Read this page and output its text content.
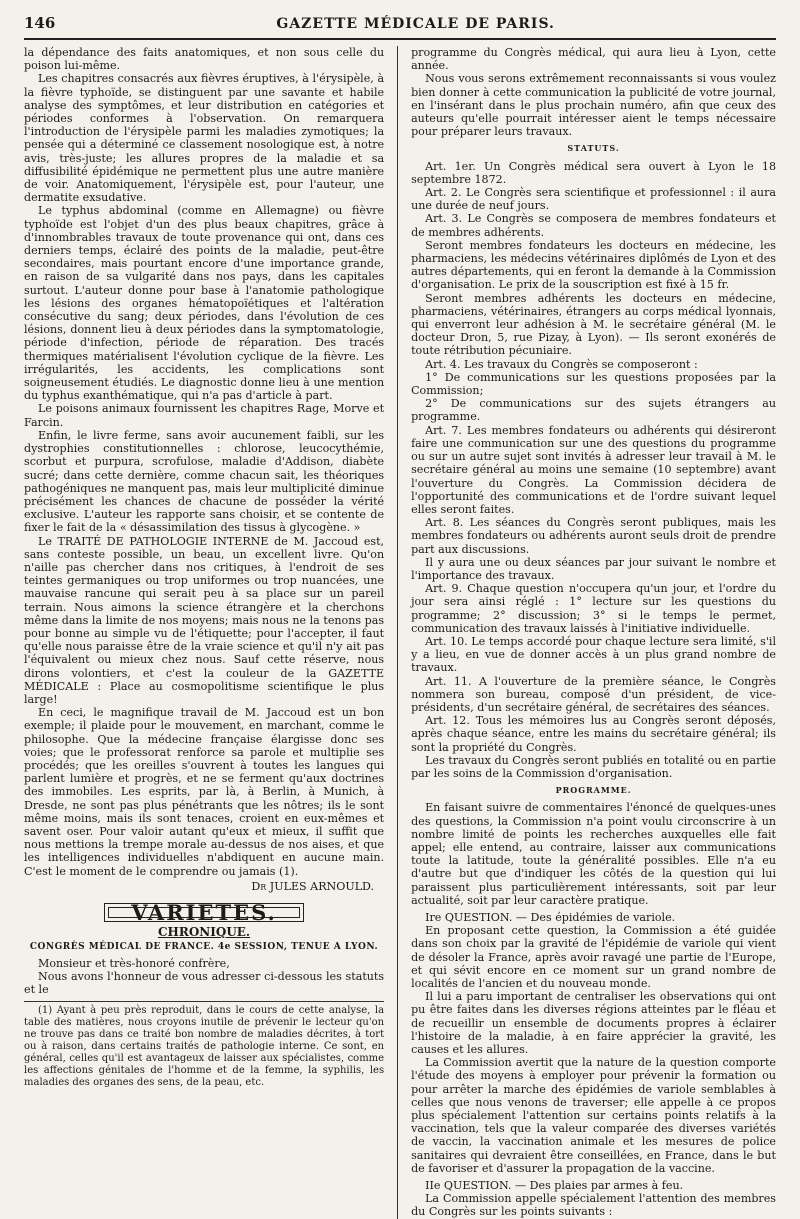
146	GAZETTE MÉDICALE DE PARIS.

la dépendance des faits anatomiques, et non sous celle du poison lui-même.

Les chapitres consacrés aux fièvres éruptives, à l'érysipèle, à la fièvre typhoïde, se distinguent par une savante et habile analyse des symptômes, et leur distribution en catégories et périodes conformes à l'observation. On remarquera l'introduction de l'érysipèle parmi les maladies zymotiques; la pensée qui a déterminé ce classement nosologique est, à notre avis, très-juste; les allures propres de la maladie et sa diffusibilité épidémique ne permettent plus une autre manière de voir. Anatomiquement, l'érysipèle est, pour l'auteur, une dermatite exsudative.

Le typhus abdominal (comme en Allemagne) ou fièvre typhoïde est l'objet d'un des plus beaux chapitres, grâce à d'innombrables travaux de toute provenance qui ont, dans ces derniers temps, éclairé des points de la maladie, peut-être secondaires, mais pourtant encore d'une importance grande, en raison de sa vulgarité dans nos pays, dans les capitales surtout. L'auteur donne pour base à l'anatomie pathologique les lésions des organes hématopoïétiques et l'altération consécutive du sang; deux périodes, dans l'évolution de ces lésions, donnent lieu à deux périodes dans la symptomatologie, période d'infection, période de réparation. Des tracés thermiques matérialisent l'évolution cyclique de la fièvre. Les irrégularités, les accidents, les complications sont soigneusement étudiés. Le diagnostic donne lieu à une mention du typhus exanthématique, qui n'a pas d'article à part.

Le poisons animaux fournissent les chapitres Rage, Morve et Farcin.

Enfin, le livre ferme, sans avoir aucunement faibli, sur les dystrophies constitutionnelles : chlorose, leucocythémie, scorbut et purpura, scrofulose, maladie d'Addison, diabète sucré; dans cette dernière, comme chacun sait, les théoriques pathogéniques ne manquent pas, mais leur multiplicité diminue précisément les chances de chacune de posséder la vérité exclusive. L'auteur les rapporte sans choisir, et se contente de fixer le fait de la « désassimilation des tissus à glycogène. »

Le TRAITÉ DE PATHOLOGIE INTERNE de M. Jaccoud est, sans conteste possible, un beau, un excellent livre. Qu'on n'aille pas chercher dans nos critiques, à l'endroit de ses teintes germaniques ou trop uniformes ou trop nuancées, une mauvaise rancune qui serait peu à sa place sur un pareil terrain. Nous aimons la science étrangère et la cherchons même dans la limite de nos moyens; mais nous ne la tenons pas pour bonne au simple vu de l'étiquette; pour l'accepter, il faut qu'elle nous paraisse être de la vraie science et qu'il n'y ait pas l'équivalent ou mieux chez nous. Sauf cette réserve, nous dirons volontiers, et c'est la couleur de la GAZETTE MÉDICALE : Place au cosmopolitisme scientifique le plus large!

En ceci, le magnifique travail de M. Jaccoud est un bon exemple; il plaide pour le mouvement, en marchant, comme le philosophe. Que la médecine française élargisse donc ses voies; que le professorat renforce sa parole et multiplie ses procédés; que les oreilles s'ouvrent à toutes les langues qui parlent lumière et progrès, et ne se ferment qu'aux doctrines des immobiles. Les esprits, par là, à Berlin, à Munich, à Dresde, ne sont pas plus pénétrants que les nôtres; ils le sont même moins, mais ils sont tenaces, croient en eux-mêmes et savent oser. Pour valoir autant qu'eux et mieux, il suffit que nous mettions la trempe morale au-dessus de nos aises, et que les intelligences individuelles n'abdiquent en aucune main. C'est le moment de le comprendre ou jamais (1).

Dr JULES ARNOULD.

VARIETES.

CHRONIQUE.

CONGRÈS MÉDICAL DE FRANCE. 4e SESSION, TENUE A LYON.

Monsieur et très-honoré confrère,

Nous avons l'honneur de vous adresser ci-dessous les statuts et le

(1) Ayant à peu près reproduit, dans le cours de cette analyse, la table des matières, nous croyons inutile de prévenir le lecteur qu'on ne trouve pas dans ce traité bon nombre de maladies décrites, à tort ou à raison, dans certains traités de pathologie interne. Ce sont, en général, celles qu'il est avantageux de laisser aux spécialistes, comme les affections génitales de l'homme et de la femme, la syphilis, les maladies des organes des sens, de la peau, etc.

programme du Congrès médical, qui aura lieu à Lyon, cette année.

Nous vous serons extrêmement reconnaissants si vous voulez bien donner à cette communication la publicité de votre journal, en l'insérant dans le plus prochain numéro, afin que ceux des auteurs qu'elle pourrait intéresser aient le temps nécessaire pour préparer leurs travaux.

STATUTS.

Art. 1er. Un Congrès médical sera ouvert à Lyon le 18 septembre 1872.

Art. 2. Le Congrès sera scientifique et professionnel : il aura une durée de neuf jours.

Art. 3. Le Congrès se composera de membres fondateurs et de membres adhérents.

Seront membres fondateurs les docteurs en médecine, les pharmaciens, les médecins vétérinaires diplômés de Lyon et des autres départements, qui en feront la demande à la Commission d'organisation. Le prix de la souscription est fixé à 15 fr.

Seront membres adhérents les docteurs en médecine, pharmaciens, vétérinaires, étrangers au corps médical lyonnais, qui enverront leur adhésion à M. le secrétaire général (M. le docteur Dron, 5, rue Pizay, à Lyon). — Ils seront exonérés de toute rétribution pécuniaire.

Art. 4. Les travaux du Congrès se composeront :

1° De communications sur les questions proposées par la Commission;

2° De communications sur des sujets étrangers au programme.

Art. 7. Les membres fondateurs ou adhérents qui désireront faire une communication sur une des questions du programme ou sur un autre sujet sont invités à adresser leur travail à M. le secrétaire général au moins une semaine (10 septembre) avant l'ouverture du Congrès. La Commission décidera de l'opportunité des communications et de l'ordre suivant lequel elles seront faites.

Art. 8. Les séances du Congrès seront publiques, mais les membres fondateurs ou adhérents auront seuls droit de prendre part aux discussions.

Il y aura une ou deux séances par jour suivant le nombre et l'importance des travaux.

Art. 9. Chaque question n'occupera qu'un jour, et l'ordre du jour sera ainsi réglé : 1° lecture sur les questions du programme; 2° discussion; 3° si le temps le permet, communication des travaux laissés à l'initiative individuelle.

Art. 10. Le temps accordé pour chaque lecture sera limité, s'il y a lieu, en vue de donner accès à un plus grand nombre de travaux.

Art. 11. A l'ouverture de la première séance, le Congrès nommera son bureau, composé d'un président, de vice-présidents, d'un secrétaire général, de secrétaires des séances.

Art. 12. Tous les mémoires lus au Congrès seront déposés, après chaque séance, entre les mains du secrétaire général; ils sont la propriété du Congrès.

Les travaux du Congrès seront publiés en totalité ou en partie par les soins de la Commission d'organisation.

PROGRAMME.

En faisant suivre de commentaires l'énoncé de quelques-unes des questions, la Commission n'a point voulu circonscrire à un nombre limité de points les recherches auxquelles elle fait appel; elle entend, au contraire, laisser aux communications toute la latitude, toute la généralité possibles. Elle n'a eu d'autre but que d'indiquer les côtés de la question qui lui paraissent plus particulièrement intéressants, soit par leur actualité, soit par leur caractère pratique.

Ire QUESTION. — Des épidémies de variole.

En proposant cette question, la Commission a été guidée dans son choix par la gravité de l'épidémie de variole qui vient de désoler la France, après avoir ravagé une partie de l'Europe, et qui sévit encore en ce moment sur un grand nombre de localités de l'ancien et du nouveau monde.

Il lui a paru important de centraliser les observations qui ont pu être faites dans les diverses régions atteintes par le fléau et de recueillir un ensemble de documents propres à éclairer l'histoire de la maladie, à en faire apprécier la gravité, les causes et les allures.

La Commission avertit que la nature de la question comporte l'étude des moyens à employer pour prévenir la formation ou pour arrêter la marche des épidémies de variole semblables à celles que nous venons de traverser; elle appelle à ce propos plus spécialement l'attention sur certains points relatifs à la vaccination, tels que la valeur comparée des diverses variétés de vaccin, la vaccination animale et les mesures de police sanitaires qui devraient être conseillées, en France, dans le but de favoriser et d'assurer la propagation de la vaccine.

IIe QUESTION. — Des plaies par armes à feu.

La Commission appelle spécialement l'attention des membres du Congrès sur les points suivants :
